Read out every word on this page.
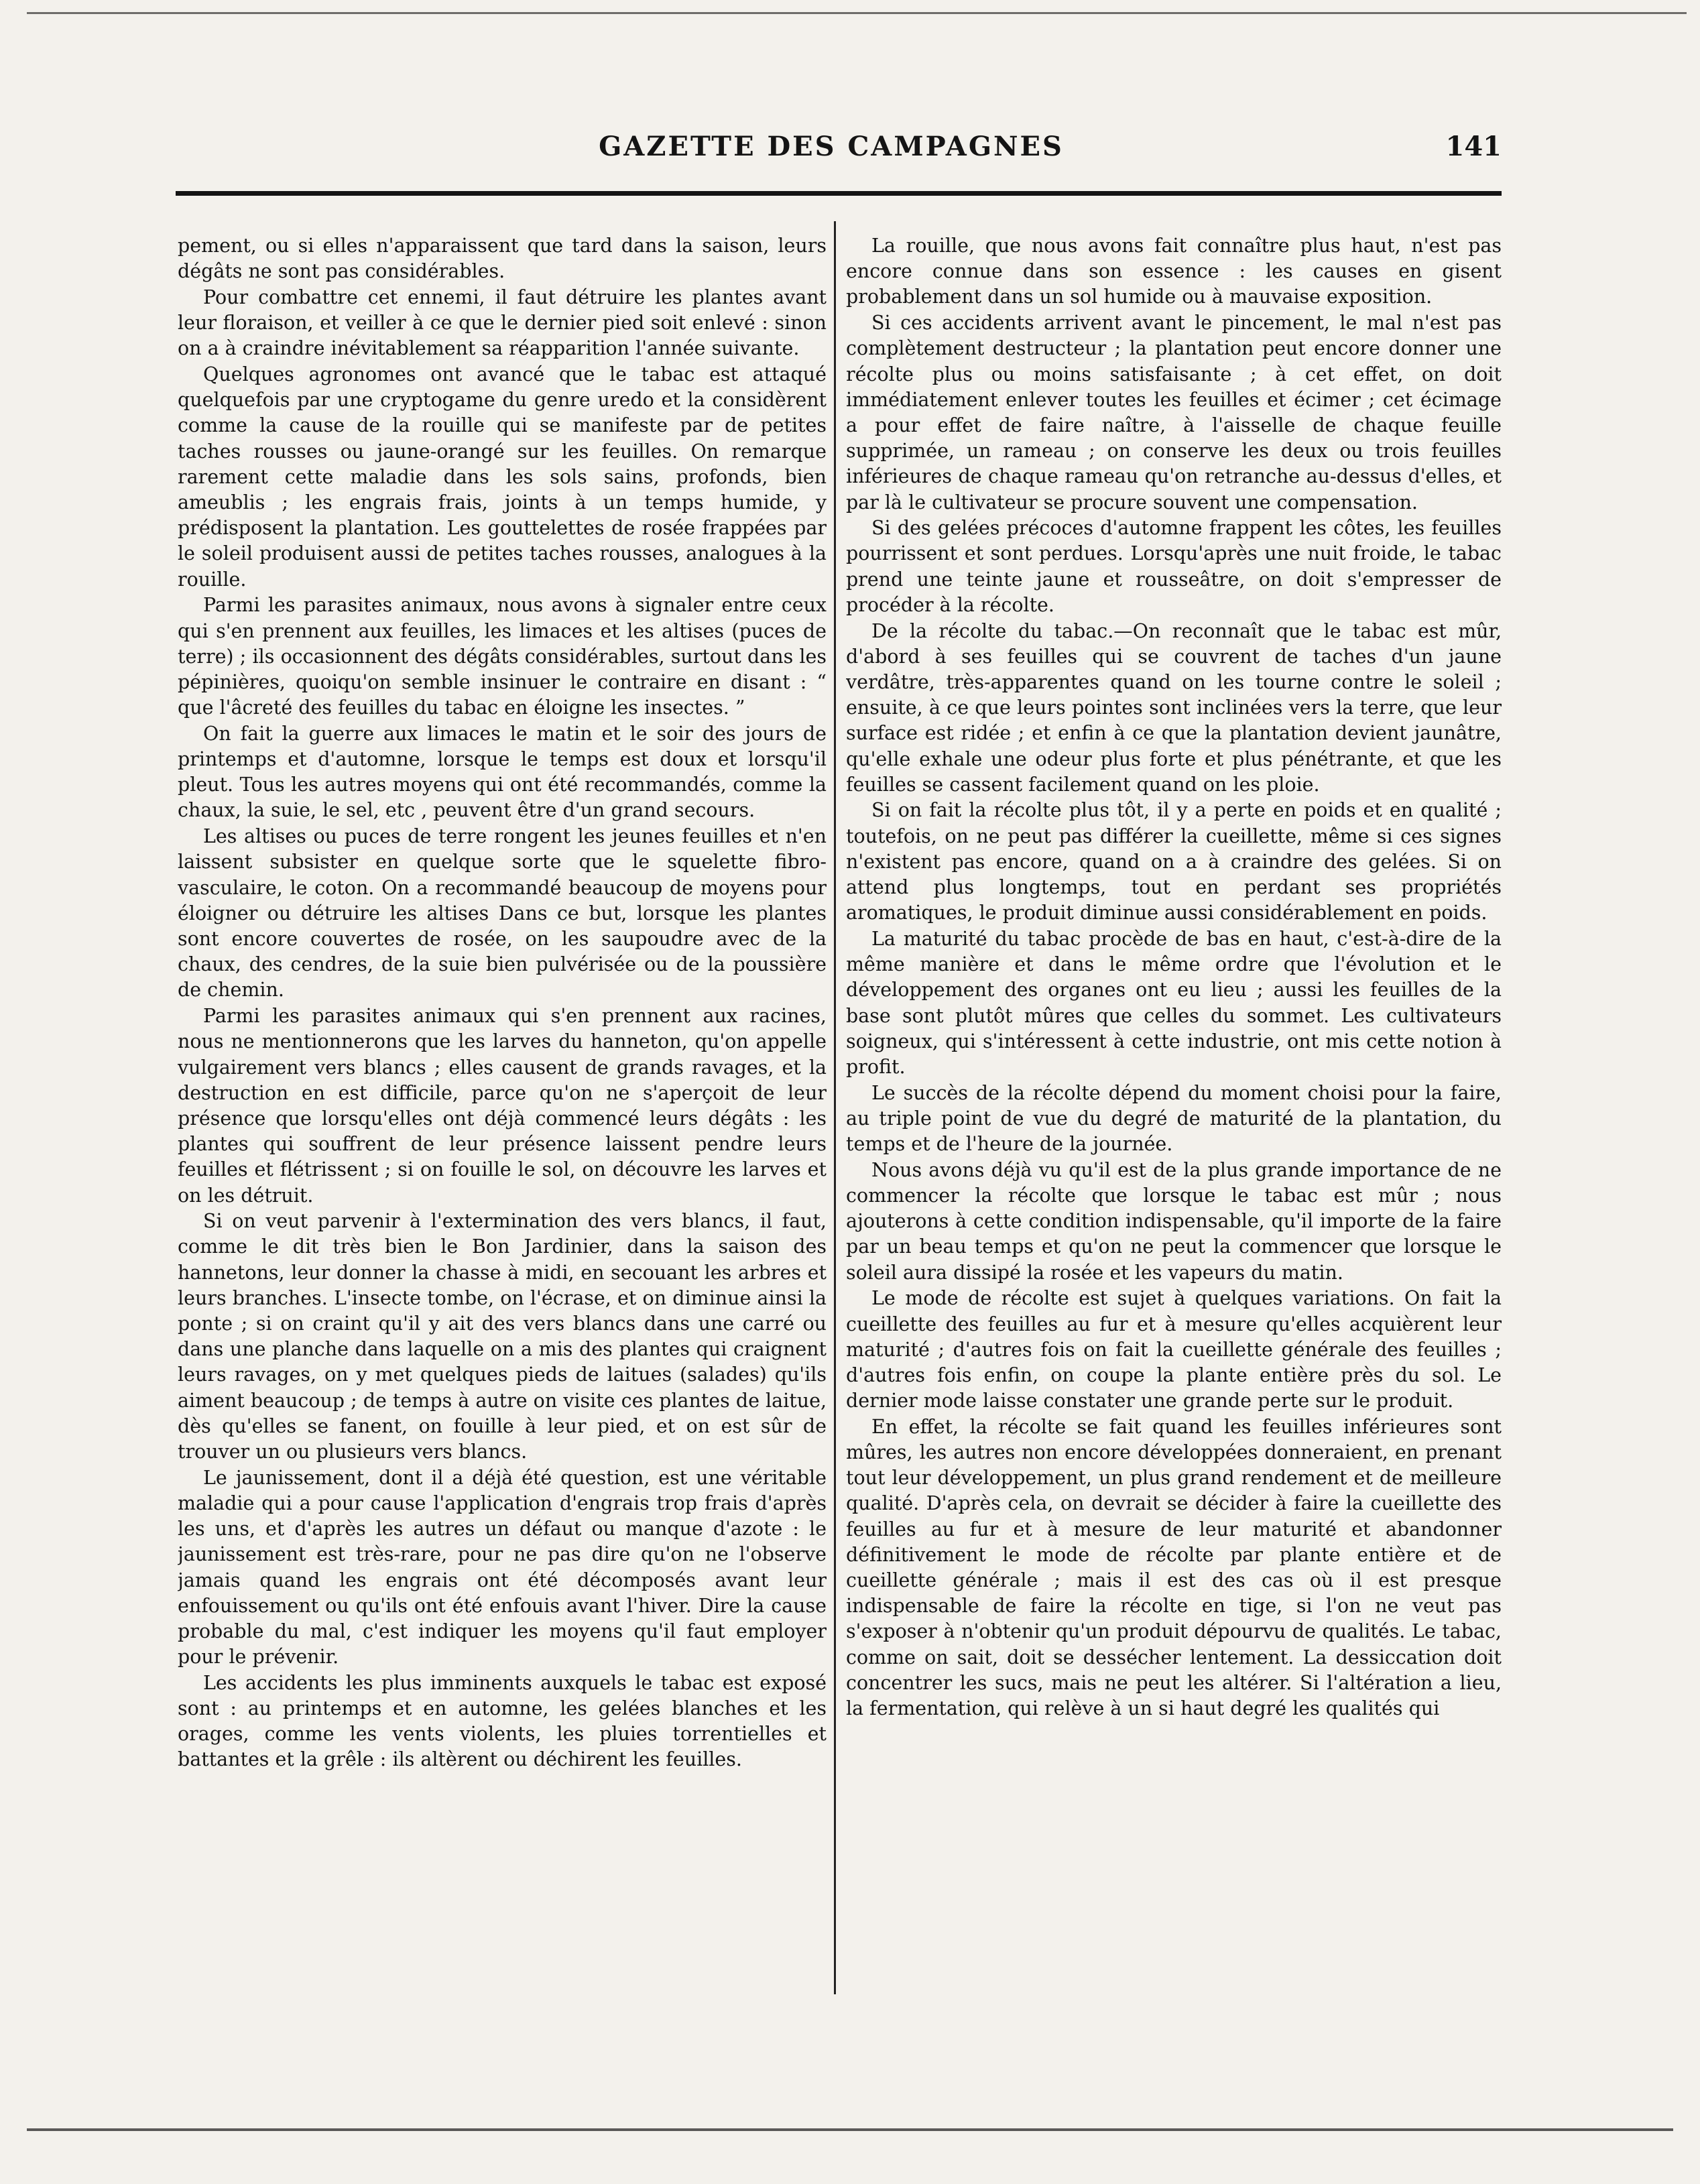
GAZETTE DES CAMPAGNES	141

pement, ou si elles n'apparaissent que tard dans la saison, leurs dégâts ne sont pas considérables.

Pour combattre cet ennemi, il faut détruire les plantes avant leur floraison, et veiller à ce que le dernier pied soit enlevé : sinon on a à craindre inévitablement sa réapparition l'année suivante.

Quelques agronomes ont avancé que le tabac est attaqué quelquefois par une cryptogame du genre uredo et la considèrent comme la cause de la rouille qui se manifeste par de petites taches rousses ou jaune-orangé sur les feuilles. On remarque rarement cette maladie dans les sols sains, profonds, bien ameublis ; les engrais frais, joints à un temps humide, y prédisposent la plantation. Les gouttelettes de rosée frappées par le soleil produisent aussi de petites taches rousses, analogues à la rouille.

Parmi les parasites animaux, nous avons à signaler entre ceux qui s'en prennent aux feuilles, les limaces et les altises (puces de terre) ; ils occasionnent des dégâts considérables, surtout dans les pépinières, quoiqu'on semble insinuer le contraire en disant : “ que l'âcreté des feuilles du tabac en éloigne les insectes. ”

On fait la guerre aux limaces le matin et le soir des jours de printemps et d'automne, lorsque le temps est doux et lorsqu'il pleut. Tous les autres moyens qui ont été recommandés, comme la chaux, la suie, le sel, etc , peuvent être d'un grand secours.

Les altises ou puces de terre rongent les jeunes feuilles et n'en laissent subsister en quelque sorte que le squelette fibro-vasculaire, le coton. On a recommandé beaucoup de moyens pour éloigner ou détruire les altises Dans ce but, lorsque les plantes sont encore couvertes de rosée, on les saupoudre avec de la chaux, des cendres, de la suie bien pulvérisée ou de la poussière de chemin.

Parmi les parasites animaux qui s'en prennent aux racines, nous ne mentionnerons que les larves du hanneton, qu'on appelle vulgairement vers blancs ; elles causent de grands ravages, et la destruction en est difficile, parce qu'on ne s'aperçoit de leur présence que lorsqu'elles ont déjà commencé leurs dégâts : les plantes qui souffrent de leur présence laissent pendre leurs feuilles et flétrissent ; si on fouille le sol, on découvre les larves et on les détruit.

Si on veut parvenir à l'extermination des vers blancs, il faut, comme le dit très bien le Bon Jardinier, dans la saison des hannetons, leur donner la chasse à midi, en secouant les arbres et leurs branches. L'insecte tombe, on l'écrase, et on diminue ainsi la ponte ; si on craint qu'il y ait des vers blancs dans une carré ou dans une planche dans laquelle on a mis des plantes qui craignent leurs ravages, on y met quelques pieds de laitues (salades) qu'ils aiment beaucoup ; de temps à autre on visite ces plantes de laitue, dès qu'elles se fanent, on fouille à leur pied, et on est sûr de trouver un ou plusieurs vers blancs.

Le jaunissement, dont il a déjà été question, est une véritable maladie qui a pour cause l'application d'engrais trop frais d'après les uns, et d'après les autres un défaut ou manque d'azote : le jaunissement est très-rare, pour ne pas dire qu'on ne l'observe jamais quand les engrais ont été décomposés avant leur enfouissement ou qu'ils ont été enfouis avant l'hiver. Dire la cause probable du mal, c'est indiquer les moyens qu'il faut employer pour le prévenir.

Les accidents les plus imminents auxquels le tabac est exposé sont : au printemps et en automne, les gelées blanches et les orages, comme les vents violents, les pluies torrentielles et battantes et la grêle : ils altèrent ou déchirent les feuilles.

La rouille, que nous avons fait connaître plus haut, n'est pas encore connue dans son essence : les causes en gisent probablement dans un sol humide ou à mauvaise exposition.

Si ces accidents arrivent avant le pincement, le mal n'est pas complètement destructeur ; la plantation peut encore donner une récolte plus ou moins satisfaisante ; à cet effet, on doit immédiatement enlever toutes les feuilles et écimer ; cet écimage a pour effet de faire naître, à l'aisselle de chaque feuille supprimée, un rameau ; on conserve les deux ou trois feuilles inférieures de chaque rameau qu'on retranche au-dessus d'elles, et par là le cultivateur se procure souvent une compensation.

Si des gelées précoces d'automne frappent les côtes, les feuilles pourrissent et sont perdues. Lorsqu'après une nuit froide, le tabac prend une teinte jaune et rousseâtre, on doit s'empresser de procéder à la récolte.

De la récolte du tabac.—On reconnaît que le tabac est mûr, d'abord à ses feuilles qui se couvrent de taches d'un jaune verdâtre, très-apparentes quand on les tourne contre le soleil ; ensuite, à ce que leurs pointes sont inclinées vers la terre, que leur surface est ridée ; et enfin à ce que la plantation devient jaunâtre, qu'elle exhale une odeur plus forte et plus pénétrante, et que les feuilles se cassent facilement quand on les ploie.

Si on fait la récolte plus tôt, il y a perte en poids et en qualité ; toutefois, on ne peut pas différer la cueillette, même si ces signes n'existent pas encore, quand on a à craindre des gelées. Si on attend plus longtemps, tout en perdant ses propriétés aromatiques, le produit diminue aussi considérablement en poids.

La maturité du tabac procède de bas en haut, c'est-à-dire de la même manière et dans le même ordre que l'évolution et le développement des organes ont eu lieu ; aussi les feuilles de la base sont plutôt mûres que celles du sommet. Les cultivateurs soigneux, qui s'intéressent à cette industrie, ont mis cette notion à profit.

Le succès de la récolte dépend du moment choisi pour la faire, au triple point de vue du degré de maturité de la plantation, du temps et de l'heure de la journée.

Nous avons déjà vu qu'il est de la plus grande importance de ne commencer la récolte que lorsque le tabac est mûr ; nous ajouterons à cette condition indispensable, qu'il importe de la faire par un beau temps et qu'on ne peut la commencer que lorsque le soleil aura dissipé la rosée et les vapeurs du matin.

Le mode de récolte est sujet à quelques variations. On fait la cueillette des feuilles au fur et à mesure qu'elles acquièrent leur maturité ; d'autres fois on fait la cueillette générale des feuilles ; d'autres fois enfin, on coupe la plante entière près du sol. Le dernier mode laisse constater une grande perte sur le produit.

En effet, la récolte se fait quand les feuilles inférieures sont mûres, les autres non encore développées donneraient, en prenant tout leur développement, un plus grand rendement et de meilleure qualité. D'après cela, on devrait se décider à faire la cueillette des feuilles au fur et à mesure de leur maturité et abandonner définitivement le mode de récolte par plante entière et de cueillette générale ; mais il est des cas où il est presque indispensable de faire la récolte en tige, si l'on ne veut pas s'exposer à n'obtenir qu'un produit dépourvu de qualités. Le tabac, comme on sait, doit se dessécher lentement. La dessiccation doit concentrer les sucs, mais ne peut les altérer. Si l'altération a lieu, la fermentation, qui relève à un si haut degré les qualités qui
